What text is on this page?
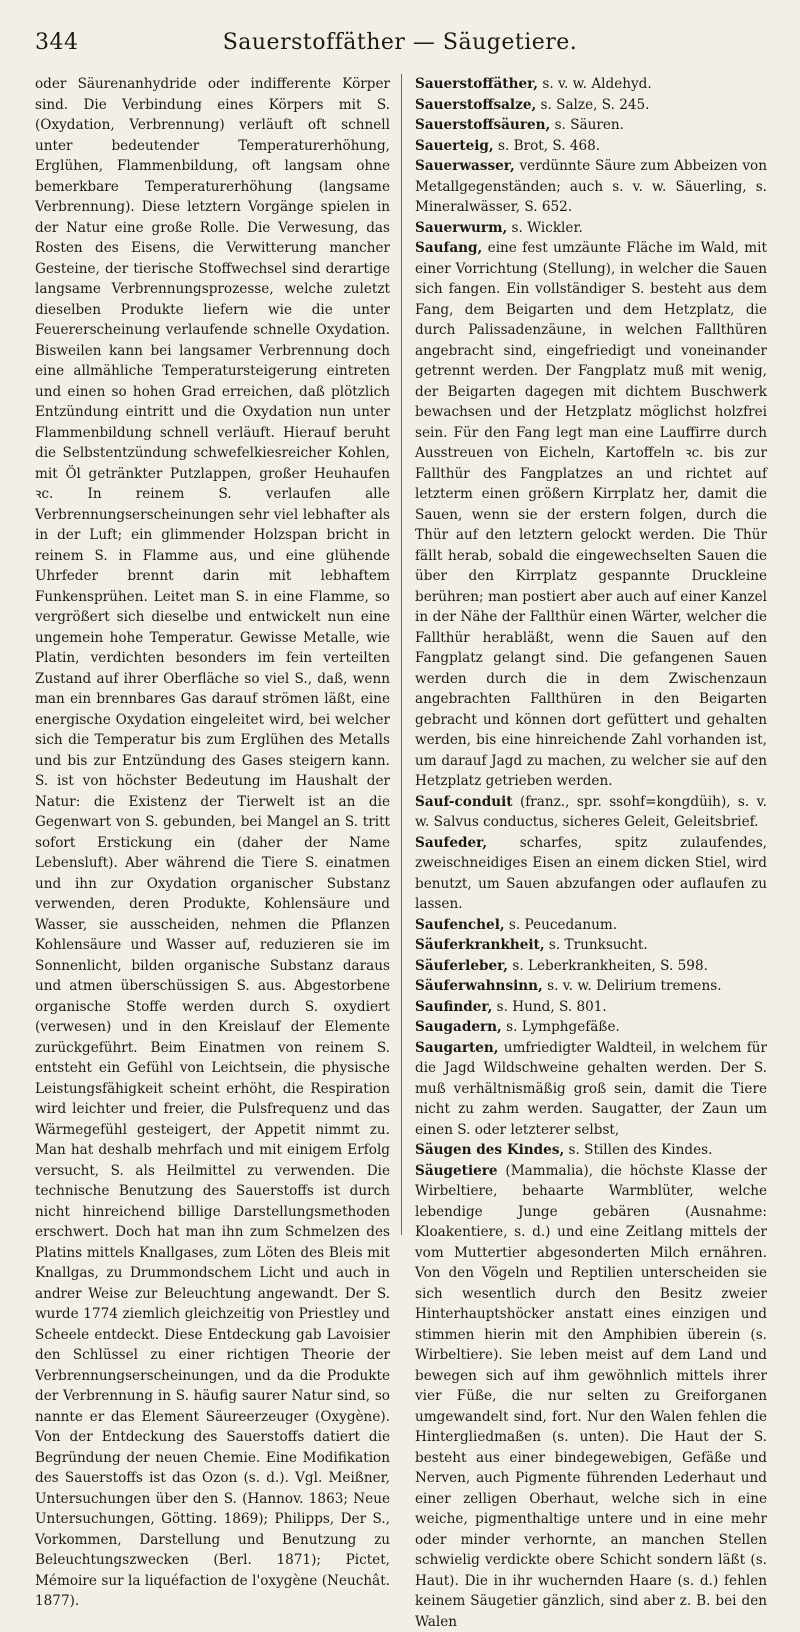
344	Sauerstoffäther — Säugetiere.

oder Säurenanhydride oder indifferente Körper sind. Die Verbindung eines Körpers mit S. (Oxydation, Verbrennung) verläuft oft schnell unter bedeutender Temperaturerhöhung, Erglühen, Flammenbildung, oft langsam ohne bemerkbare Temperaturerhöhung (langsame Verbrennung). Diese letztern Vorgänge spielen in der Natur eine große Rolle. Die Verwesung, das Rosten des Eisens, die Verwitterung mancher Gesteine, der tierische Stoffwechsel sind derartige langsame Verbrennungsprozesse, welche zuletzt dieselben Produkte liefern wie die unter Feuererscheinung verlaufende schnelle Oxydation. Bisweilen kann bei langsamer Verbrennung doch eine allmähliche Temperatursteigerung eintreten und einen so hohen Grad erreichen, daß plötzlich Entzündung eintritt und die Oxydation nun unter Flammenbildung schnell verläuft. Hierauf beruht die Selbstentzündung schwefelkiesreicher Kohlen, mit Öl getränkter Putzlappen, großer Heuhaufen ꝛc. In reinem S. verlaufen alle Verbrennungserscheinungen sehr viel lebhafter als in der Luft; ein glimmender Holzspan bricht in reinem S. in Flamme aus, und eine glühende Uhrfeder brennt darin mit lebhaftem Funkensprühen. Leitet man S. in eine Flamme, so vergrößert sich dieselbe und entwickelt nun eine ungemein hohe Temperatur. Gewisse Metalle, wie Platin, verdichten besonders im fein verteilten Zustand auf ihrer Oberfläche so viel S., daß, wenn man ein brennbares Gas darauf strömen läßt, eine energische Oxydation eingeleitet wird, bei welcher sich die Temperatur bis zum Erglühen des Metalls und bis zur Entzündung des Gases steigern kann. S. ist von höchster Bedeutung im Haushalt der Natur: die Existenz der Tierwelt ist an die Gegenwart von S. gebunden, bei Mangel an S. tritt sofort Erstickung ein (daher der Name Lebensluft). Aber während die Tiere S. einatmen und ihn zur Oxydation organischer Substanz verwenden, deren Produkte, Kohlensäure und Wasser, sie ausscheiden, nehmen die Pflanzen Kohlensäure und Wasser auf, reduzieren sie im Sonnenlicht, bilden organische Substanz daraus und atmen überschüssigen S. aus. Abgestorbene organische Stoffe werden durch S. oxydiert (verwesen) und in den Kreislauf der Elemente zurückgeführt. Beim Einatmen von reinem S. entsteht ein Gefühl von Leichtsein, die physische Leistungsfähigkeit scheint erhöht, die Respiration wird leichter und freier, die Pulsfrequenz und das Wärmegefühl gesteigert, der Appetit nimmt zu. Man hat deshalb mehrfach und mit einigem Erfolg versucht, S. als Heilmittel zu verwenden. Die technische Benutzung des Sauerstoffs ist durch nicht hinreichend billige Darstellungsmethoden erschwert. Doch hat man ihn zum Schmelzen des Platins mittels Knallgases, zum Löten des Bleis mit Knallgas, zu Drummondschem Licht und auch in andrer Weise zur Beleuchtung angewandt. Der S. wurde 1774 ziemlich gleichzeitig von Priestley und Scheele entdeckt. Diese Entdeckung gab Lavoisier den Schlüssel zu einer richtigen Theorie der Verbrennungserscheinungen, und da die Produkte der Verbrennung in S. häufig saurer Natur sind, so nannte er das Element Säureerzeuger (Oxygène). Von der Entdeckung des Sauerstoffs datiert die Begründung der neuen Chemie. Eine Modifikation des Sauerstoffs ist das Ozon (s. d.). Vgl. Meißner, Untersuchungen über den S. (Hannov. 1863; Neue Untersuchungen, Götting. 1869); Philipps, Der S., Vorkommen, Darstellung und Benutzung zu Beleuchtungszwecken (Berl. 1871); Pictet, Mémoire sur la liquéfaction de l'oxygène (Neuchât. 1877).

Sauerstoffäther, s. v. w. Aldehyd.

Sauerstoffsalze, s. Salze, S. 245.

Sauerstoffsäuren, s. Säuren.

Sauerteig, s. Brot, S. 468.

Sauerwasser, verdünnte Säure zum Abbeizen von Metallgegenständen; auch s. v. w. Säuerling, s. Mineralwässer, S. 652.

Sauerwurm, s. Wickler.

Saufang, eine fest umzäunte Fläche im Wald, mit einer Vorrichtung (Stellung), in welcher die Sauen sich fangen. Ein vollständiger S. besteht aus dem Fang, dem Beigarten und dem Hetzplatz, die durch Palissadenzäune, in welchen Fallthüren angebracht sind, eingefriedigt und voneinander getrennt werden. Der Fangplatz muß mit wenig, der Beigarten dagegen mit dichtem Buschwerk bewachsen und der Hetzplatz möglichst holzfrei sein. Für den Fang legt man eine Lauffirre durch Ausstreuen von Eicheln, Kartoffeln ꝛc. bis zur Fallthür des Fangplatzes an und richtet auf letzterm einen größern Kirrplatz her, damit die Sauen, wenn sie der erstern folgen, durch die Thür auf den letztern gelockt werden. Die Thür fällt herab, sobald die eingewechselten Sauen die über den Kirrplatz gespannte Druckleine berühren; man postiert aber auch auf einer Kanzel in der Nähe der Fallthür einen Wärter, welcher die Fallthür herabläßt, wenn die Sauen auf den Fangplatz gelangt sind. Die gefangenen Sauen werden durch die in dem Zwischenzaun angebrachten Fallthüren in den Beigarten gebracht und können dort gefüttert und gehalten werden, bis eine hinreichende Zahl vorhanden ist, um darauf Jagd zu machen, zu welcher sie auf den Hetzplatz getrieben werden.

Sauf-conduit (franz., spr. ssohf=kongdüih), s. v. w. Salvus conductus, sicheres Geleit, Geleitsbrief.

Saufeder, scharfes, spitz zulaufendes, zweischneidiges Eisen an einem dicken Stiel, wird benutzt, um Sauen abzufangen oder auflaufen zu lassen.

Saufenchel, s. Peucedanum.

Säuferkrankheit, s. Trunksucht.

Säuferleber, s. Leberkrankheiten, S. 598.

Säuferwahnsinn, s. v. w. Delirium tremens.

Saufinder, s. Hund, S. 801.

Saugadern, s. Lymphgefäße.

Saugarten, umfriedigter Waldteil, in welchem für die Jagd Wildschweine gehalten werden. Der S. muß verhältnismäßig groß sein, damit die Tiere nicht zu zahm werden. Saugatter, der Zaun um einen S. oder letzterer selbst,

Säugen des Kindes, s. Stillen des Kindes.

Säugetiere (Mammalia), die höchste Klasse der Wirbeltiere, behaarte Warmblüter, welche lebendige Junge gebären (Ausnahme: Kloakentiere, s. d.) und eine Zeitlang mittels der vom Muttertier abgesonderten Milch ernähren. Von den Vögeln und Reptilien unterscheiden sie sich wesentlich durch den Besitz zweier Hinterhauptshöcker anstatt eines einzigen und stimmen hierin mit den Amphibien überein (s. Wirbeltiere). Sie leben meist auf dem Land und bewegen sich auf ihm gewöhnlich mittels ihrer vier Füße, die nur selten zu Greiforganen umgewandelt sind, fort. Nur den Walen fehlen die Hintergliedmaßen (s. unten). Die Haut der S. besteht aus einer bindegewebigen, Gefäße und Nerven, auch Pigmente führenden Lederhaut und einer zelligen Oberhaut, welche sich in eine weiche, pigmenthaltige untere und in eine mehr oder minder verhornte, an manchen Stellen schwielig verdickte obere Schicht sondern läßt (s. Haut). Die in ihr wuchernden Haare (s. d.) fehlen keinem Säugetier gänzlich, sind aber z. B. bei den Walen
